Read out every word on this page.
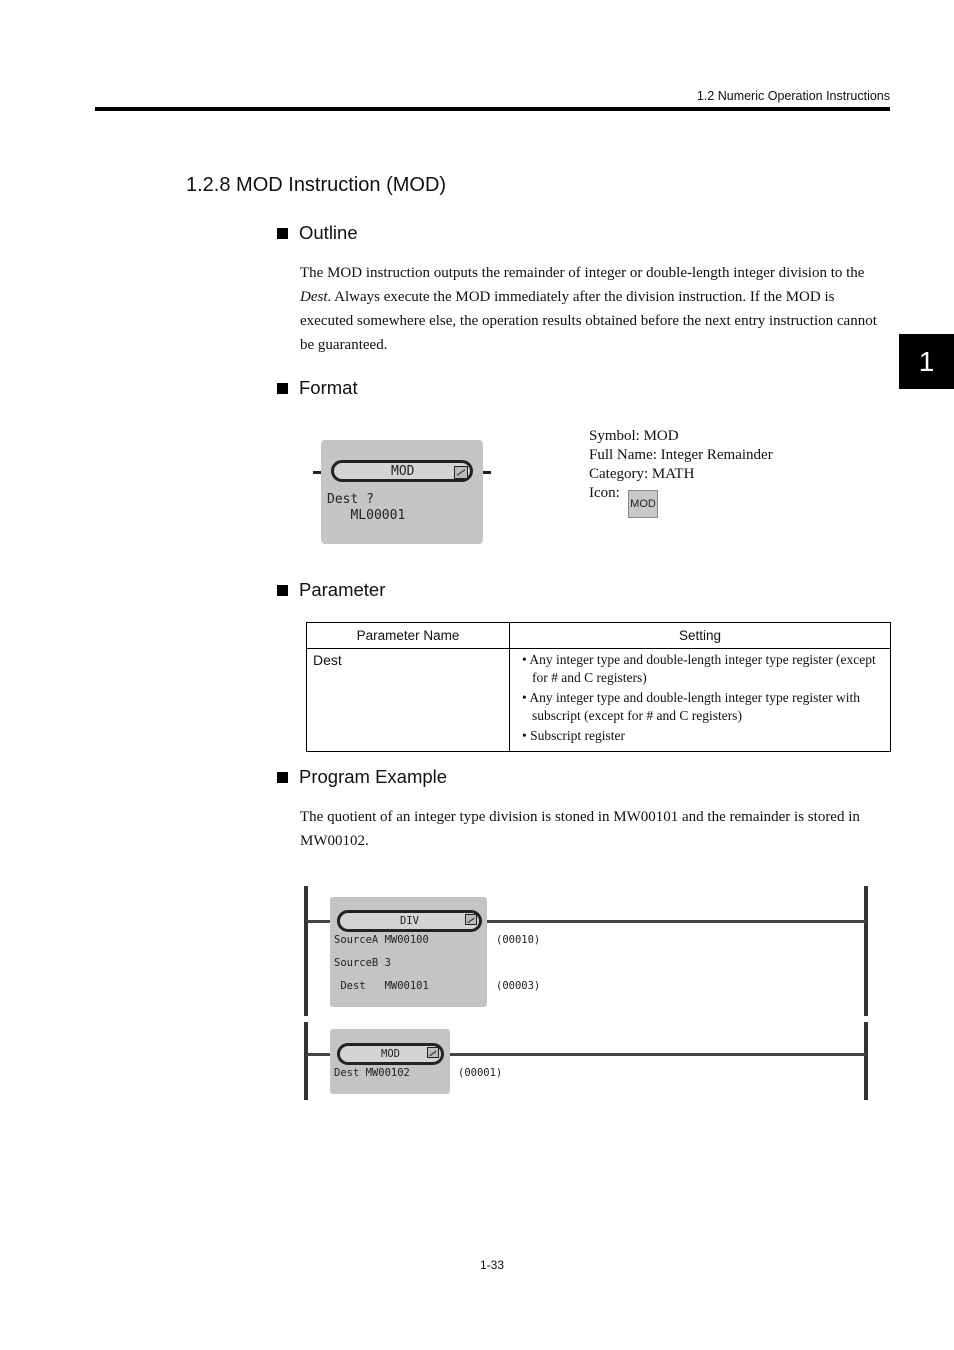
1.2 Numeric Operation Instructions
1
1.2.8 MOD Instruction (MOD)
Outline
The MOD instruction outputs the remainder of integer or double-length integer division to the Dest. Always execute the MOD immediately after the division instruction. If the MOD is executed somewhere else, the operation results obtained before the next entry instruction cannot be guaranteed.
Format
MOD
Dest ?
ML00001
Symbol: MOD
Full Name: Integer Remainder
Category: MATH
Icon:
MOD
Parameter
Parameter Name	Setting
Dest	• Any integer type and double-length integer type register (except for # and C registers)
• Any integer type and double-length integer type register with subscript (except for # and C registers)
• Subscript register
Program Example
The quotient of an integer type division is stoned in MW00101 and the remainder is stored in MW00102.
DIV
SourceA MW00100
SourceB 3
Dest   MW00101
(00010)
(00003)
MOD
Dest MW00102	(00001)
1-33
